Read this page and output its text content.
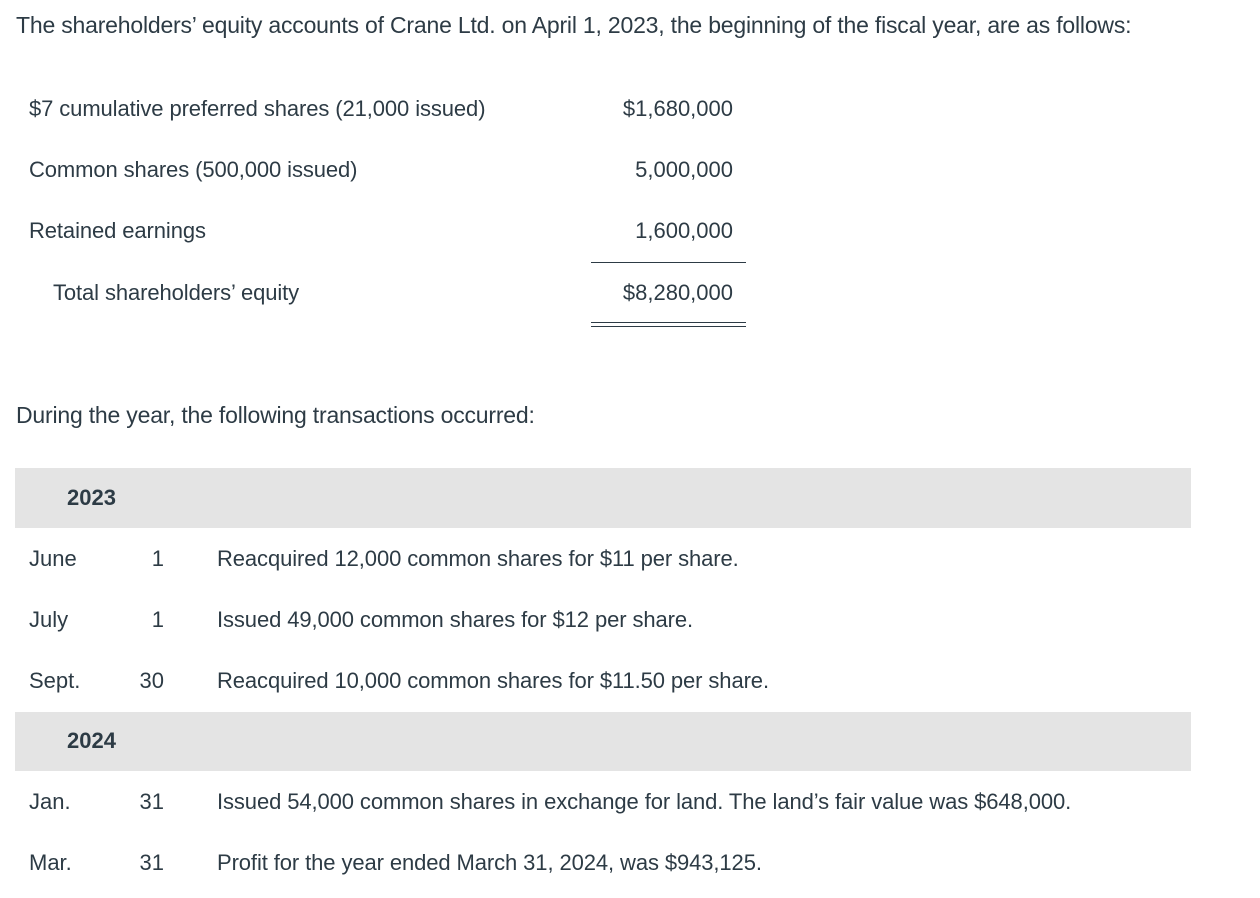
The shareholders’ equity accounts of Crane Ltd. on April 1, 2023, the beginning of the fiscal year, are as follows:
$7 cumulative preferred shares (21,000 issued)	$1,680,000
Common shares (500,000 issued)	5,000,000
Retained earnings	1,600,000
Total shareholders’ equity	$8,280,000
During the year, the following transactions occurred:
2023
June	1 Reacquired 12,000 common shares for $11 per share.
July	1 Issued 49,000 common shares for $12 per share.
Sept.	30 Reacquired 10,000 common shares for $11.50 per share.
2024
Jan.	31 Issued 54,000 common shares in exchange for land. The land’s fair value was $648,000.
Mar.	31 Profit for the year ended March 31, 2024, was $943,125.
